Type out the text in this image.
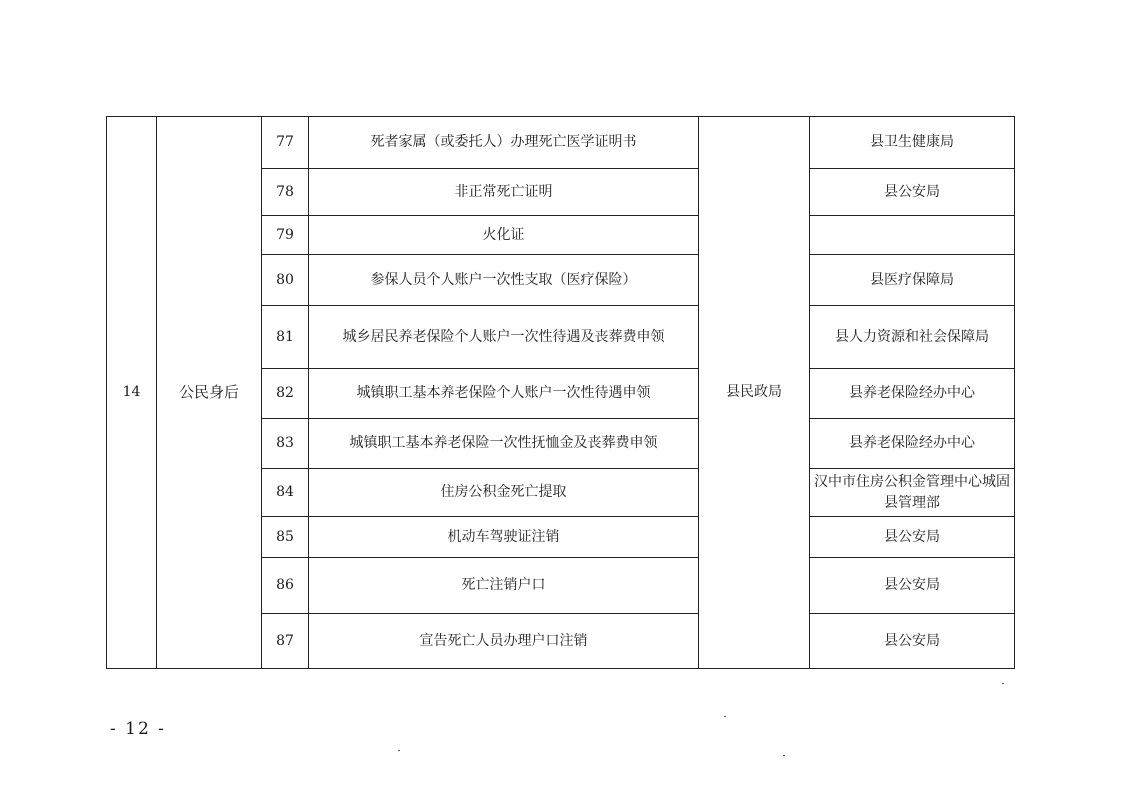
14	公民身后	77	死者家属（或委托人）办理死亡医学证明书	县民政局	县卫生健康局
		78	非正常死亡证明		县公安局
		79	火化证		
		80	参保人员个人账户一次性支取（医疗保险）		县医疗保障局
		81	城乡居民养老保险个人账户一次性待遇及丧葬费申领		县人力资源和社会保障局
		82	城镇职工基本养老保险个人账户一次性待遇申领		县养老保险经办中心
		83	城镇职工基本养老保险一次性抚恤金及丧葬费申领		县养老保险经办中心
		84	住房公积金死亡提取		汉中市住房公积金管理中心城固县管理部
		85	机动车驾驶证注销		县公安局
		86	死亡注销户口		县公安局
		87	宣告死亡人员办理户口注销		县公安局
- 12 -
